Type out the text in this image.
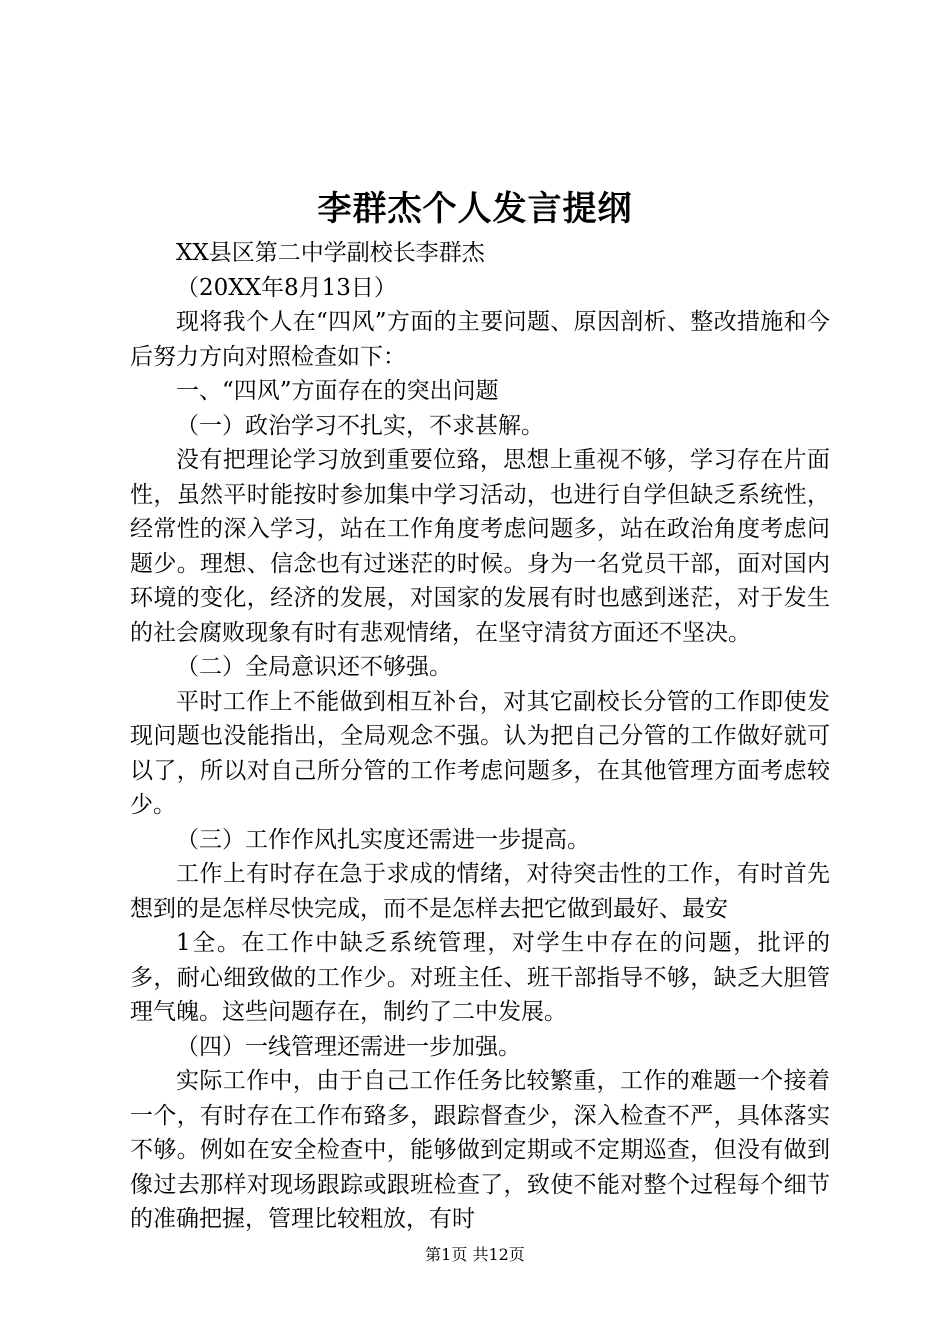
李群杰个人发言提纲

XX县区第二中学副校长李群杰

（20XX年8月13日）

现将我个人在“四风”方面的主要问题、原因剖析、整改措施和今后努力方向对照检查如下：

一、“四风”方面存在的突出问题

（一）政治学习不扎实，不求甚解。

没有把理论学习放到重要位臵，思想上重视不够，学习存在片面性，虽然平时能按时参加集中学习活动，也进行自学但缺乏系统性，经常性的深入学习，站在工作角度考虑问题多，站在政治角度考虑问题少。理想、信念也有过迷茫的时候。身为一名党员干部，面对国内环境的变化，经济的发展，对国家的发展有时也感到迷茫，对于发生的社会腐败现象有时有悲观情绪，在坚守清贫方面还不坚决。

（二）全局意识还不够强。

平时工作上不能做到相互补台，对其它副校长分管的工作即使发现问题也没能指出，全局观念不强。认为把自己分管的工作做好就可以了，所以对自己所分管的工作考虑问题多，在其他管理方面考虑较少。

（三）工作作风扎实度还需进一步提高。

工作上有时存在急于求成的情绪，对待突击性的工作，有时首先想到的是怎样尽快完成，而不是怎样去把它做到最好、最安

1全。在工作中缺乏系统管理，对学生中存在的问题，批评的多，耐心细致做的工作少。对班主任、班干部指导不够，缺乏大胆管理气魄。这些问题存在，制约了二中发展。

（四）一线管理还需进一步加强。

实际工作中，由于自己工作任务比较繁重，工作的难题一个接着一个，有时存在工作布臵多，跟踪督查少，深入检查不严，具体落实不够。例如在安全检查中，能够做到定期或不定期巡查，但没有做到像过去那样对现场跟踪或跟班检查了，致使不能对整个过程每个细节的准确把握，管理比较粗放，有时

第1页 共12页
